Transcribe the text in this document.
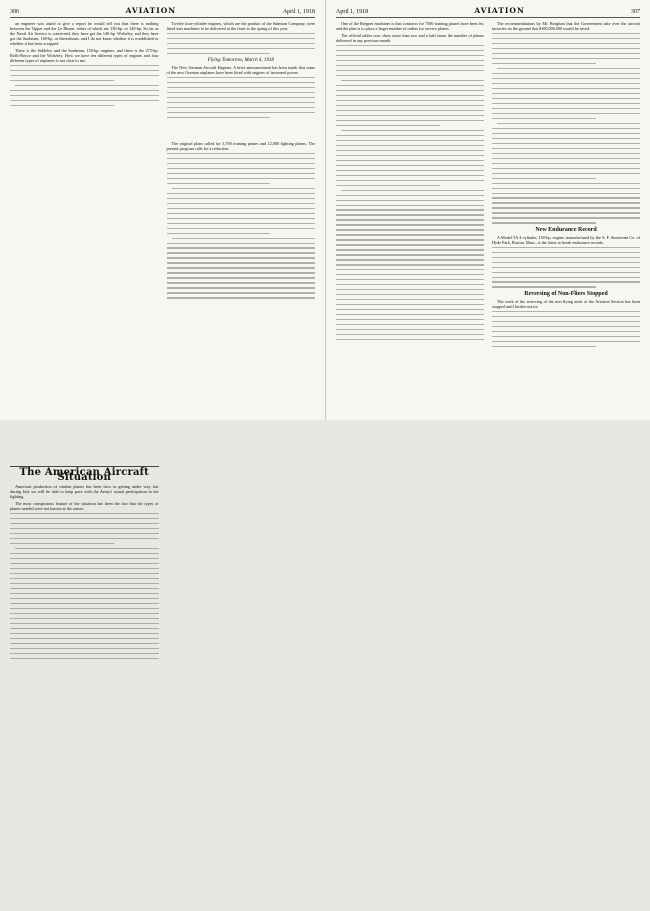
306	AVIATION	April 1, 1918

an engineer was asked to give a report he would tell you that there is nothing between the Tipper and the Le Rhone, either of which are 130-hp. or 140-hp. So far as the Naval Air Service is concerned, they have got the 140-hp. Wolseley, and they have got the Sunbeam, 160-hp. or thereabouts, and I do not know whether it is established or whether it has been scrapped.

There is the Siddeley and the Sunbeam, 150-hp. engines; and there is the 275-hp. Rolls-Royce and the Wolseley. How we have ten different types of engines and four different types of airplanes is not clear to me.

The American Aircraft Situation

American production of combat planes has been slow in getting under way, but during July we will be able to keep pace with the Army's actual participation in the fighting.

The most conspicuous feature of the situation has been the fact that the types of planes needed were not known at the outset.

Twelve four-cylinder engines, which are the product of the Salmson Company, were fitted into machines to be delivered to the front in the spring of this year.

Flying Tomorrow, March 4, 1918

The New German Aircraft Engines. A brief announcement has been made that some of the new German airplanes have been fitted with engines of increased power.

The original plans called for 3,700 training planes and 12,000 fighting planes. The present program calls for a reduction.

April 1, 1918	AVIATION	307

One of the Bregnet machines is that contracts for 7500 training planes have been let, and the plan is to place a larger number of orders for service planes.

The official tables now show more than two and a half times the number of planes delivered in any previous month.

The recommendations by Mr. Borglum that the Government take over the aircraft factories on the ground that $100,000,000 would be saved.

New Endurance Record

A Model 5A 4-cylinder, 150-hp. engine, manufactured by the S. F. Sturtevant Co. of Hyde Park, Boston, Mass., is the latest to break endurance records.

Reversing of Non-Fliers Stopped

The work of the reserving of the non-flying units of the Aviation Section has been stopped until further notice.
